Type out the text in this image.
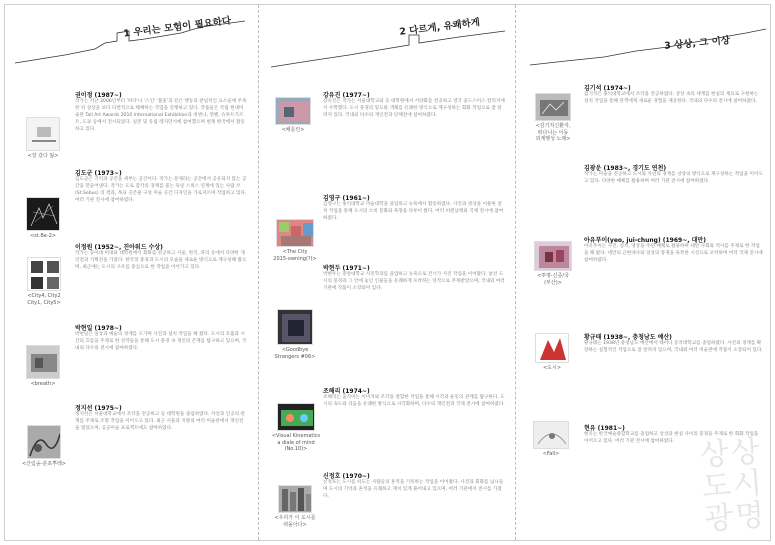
1 우리는 모험이 필요하다
<잘 갔다 잃>
권이정 (1987~)
작가는 지난 2006년부터 '떠다'나 '스인' '불꽃'과 같은 행동의 관념적인 요소들에 주목한 뒤 상상을 보다 다면적으로 해체하는 작업을 진행하고 있다. 작품들은 국립 현대미술관 Tall Art Awards 2010 International Exhibition과 비엔나, 뮌헨, 슈투트가르트, 도쿄 등에서 전시되었다. 일본 및 유럽 레지던시에 참여했으며 현재 한국에서 활동하고 있다.
<st.Be-2>
김도군 (1973~)
김도군은 기억과 공간을 세부는 공간이다. 작가는 문제라는 공간에서 공유되지 않는 공간을 만들어낸다. 작가는 도로 감각의 경계를 묻는 독일 스위스 연계에 있는 사람 브(St.Sebus) 의 결과, 목표 공존물 구성 미술 공간 디자인을 가로지르며 작업하고 있다. 여러 기관 전시에 참여하였다.
<City4, City2
City1, City5>
이정원 (1952~, 진아워드 수상)
작가는 동아대 미대와 대학원에서 회화를 전공하고 서울, 한국, 파리 등에서 다양한 개인전과 기획전을 가졌다. 한국의 풍경과 도시의 모습을 새로운 방식으로 재구성해 왔으며, 최근에는 도시의 구조를 중심으로 한 작업을 이어가고 있다.
<breath>
박현일 (1978~)
박현일은 일상과 예술의 경계를 오가며 사진과 설치 작업을 해 왔다. 도시의 호흡과 시간의 흐름을 주제로 한 연작들을 통해 도시 풍경 속 개인의 존재를 탐구하고 있으며, 국내외 다수의 전시에 참여하였다.
<산림숲-분포뿌레>
정지선 (1975~)
정지선은 서울대학교에서 조각을 전공하고 동 대학원을 졸업하였다. 자연과 인공의 관계를 주제로 조형 작업을 이어오고 있다. 최근 서울과 지방의 여러 미술관에서 개인전을 열었으며, 공공미술 프로젝트에도 참여하였다.
2 다르게, 유쾌하게
<베를린>
강유진 (1977~)
강유진은 작가는 서울대학교와 동 대학원에서 서양화를 전공하고 영국 골드스미스 칼리지에서 수학했다. 도시 풍경의 밀도와 색채를 유쾌한 방식으로 재구성하는 회화 작업으로 잘 알려져 있다. 국내외 다수의 개인전과 단체전에 참여하였다.
<The City
2015-owning(?)>
김영구 (1961~)
김영구는 홍익대학교 미술대학을 졸업하고 뉴욕에서 활동하였다. 사진과 영상을 이용한 설치 작업을 통해 도시의 소비 문화와 욕망을 다루어 왔다. 여러 비엔날레와 국제 전시에 참여하였다.
<Goodbye
Strangers #06>
박현두 (1971~)
박현두는 중앙대학교 사진학과를 졸업하고 뉴욕으로 건너가 사진 작업을 이어왔다. 낯선 도시의 풍경과 그 안에 놓인 인물들을 유쾌하게 포착하는 연작으로 주목받았으며, 국내외 여러 기관에 작품이 소장되어 있다.
<Visual Kinematics
a diale of mind
(No.10)>
조해리 (1974~)
조해리는 움직이는 이미지와 조각을 결합한 작업을 통해 시각과 운동의 관계를 탐구한다. 도시의 속도와 리듬을 유쾌한 방식으로 시각화하며, 다수의 개인전과 국제 전시에 참여하였다.
<우리가 이 도시를
떠돌아다>
신정호 (1970~)
신정호는 도시를 떠도는 사람들의 흔적을 기록하는 작업을 이어왔다. 사진과 회화를 넘나들며 도시의 기억과 흔적을 유쾌하고 재치 있게 풀어내고 있으며, 여러 기관에서 전시를 가졌다.
3 상상, 그 이상
<감기처신환자,
떠다니는 이동
외계행성 노래>
김기석 (1974~)
김기석은 홍익대학교에서 조각을 전공하였다. 상상 속의 세계를 현실의 재료로 구현하는 설치 작업을 통해 관객에게 새로운 경험을 제공한다. 국내외 다수의 전시에 참여하였다.
김광운 (1983~, 경기도 연천)
작가는 미술을 전공하고 도시와 자연의 경계를 상상의 방식으로 재구성하는 작업을 이어오고 있다. 다양한 매체를 활용하며 여러 기관 전시에 참여하였다.
<투명-신증/국
(부산)>
아유푸이(yeo, jui-chung) (1969~, 대만)
아유푸이는 사진, 설치, 영상을 주된 매체로 활용하며 대만 사회와 역사를 주제로 한 작업을 해 왔다. 대만의 근현대사와 일상의 풍경을 독특한 시선으로 포착하며 여러 국제 전시에 참여하였다.
<도시>
황규태 (1938~, 충청남도 예산)
황규태는 1938년 충청남도 예산에서 태어나 동국대학교를 졸업하였다. 사진의 경계를 확장하는 실험적인 작업으로 잘 알려져 있으며, 국내외 여러 미술관에 작품이 소장되어 있다.
<Fall>
현유 (1981~)
현유는 한국예술종합학교를 졸업하고 상상과 현실 사이의 풍경을 주제로 한 회화 작업을 이어오고 있다. 여러 기관 전시에 참여하였다. 상상
도시
광명
